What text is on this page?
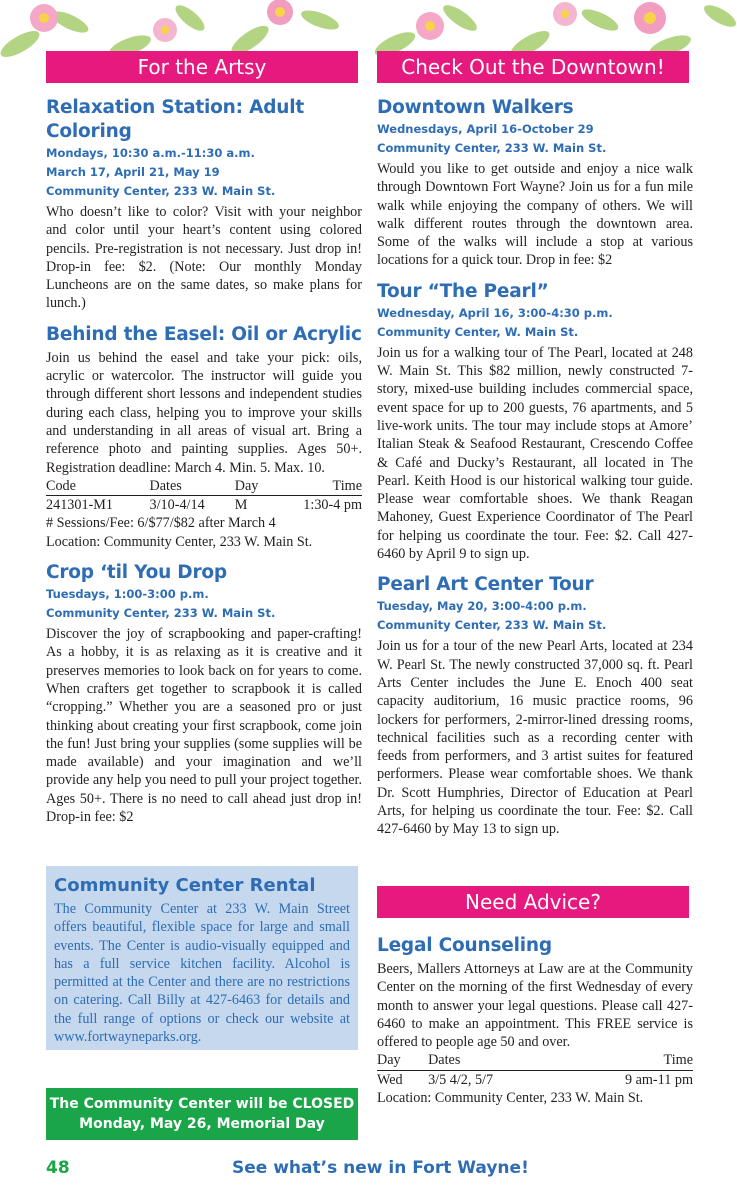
For the Artsy	Check Out the Downtown!
Relaxation Station: Adult Coloring
Mondays, 10:30 a.m.-11:30 a.m.
March 17, April 21, May 19
Community Center, 233 W. Main St.
Who doesn’t like to color? Visit with your neighbor and color until your heart’s content using colored pencils. Pre-registration is not necessary. Just drop in! Drop-in fee: $2. (Note: Our monthly Monday Luncheons are on the same dates, so make plans for lunch.)
Behind the Easel: Oil or Acrylic
Join us behind the easel and take your pick: oils, acrylic or watercolor. The instructor will guide you through different short lessons and independent studies during each class, helping you to improve your skills and understanding in all areas of visual art. Bring a reference photo and painting supplies. Ages 50+. Registration deadline: March 4. Min. 5. Max. 10.
Code	Dates	Day	Time
241301-M1	3/10-4/14	M	1:30-4 pm
# Sessions/Fee: 6/$77/$82 after March 4
Location: Community Center, 233 W. Main St.
Crop ‘til You Drop
Tuesdays, 1:00-3:00 p.m.
Community Center, 233 W. Main St.
Discover the joy of scrapbooking and paper-crafting! As a hobby, it is as relaxing as it is creative and it preserves memories to look back on for years to come. When crafters get together to scrapbook it is called “cropping.” Whether you are a seasoned pro or just thinking about creating your first scrapbook, come join the fun! Just bring your supplies (some supplies will be made available) and your imagination and we’ll provide any help you need to pull your project together. Ages 50+. There is no need to call ahead just drop in! Drop-in fee: $2
Community Center Rental
The Community Center at 233 W. Main Street offers beautiful, flexible space for large and small events. The Center is audio-visually equipped and has a full service kitchen facility. Alcohol is permitted at the Center and there are no restrictions on catering. Call Billy at 427-6463 for details and the full range of options or check our website at www.fortwayneparks.org.
The Community Center will be CLOSED
Monday, May 26, Memorial Day
Downtown Walkers
Wednesdays, April 16-October 29
Community Center, 233 W. Main St.
Would you like to get outside and enjoy a nice walk through Downtown Fort Wayne? Join us for a fun mile walk while enjoying the company of others. We will walk different routes through the downtown area. Some of the walks will include a stop at various locations for a quick tour. Drop in fee: $2
Tour “The Pearl”
Wednesday, April 16, 3:00-4:30 p.m.
Community Center, W. Main St.
Join us for a walking tour of The Pearl, located at 248 W. Main St. This $82 million, newly constructed 7-story, mixed-use building includes commercial space, event space for up to 200 guests, 76 apartments, and 5 live-work units. The tour may include stops at Amore’ Italian Steak & Seafood Restaurant, Crescendo Coffee & Café and Ducky’s Restaurant, all located in The Pearl. Keith Hood is our historical walking tour guide. Please wear comfortable shoes. We thank Reagan Mahoney, Guest Experience Coordinator of The Pearl for helping us coordinate the tour. Fee: $2. Call 427-6460 by April 9 to sign up.
Pearl Art Center Tour
Tuesday, May 20, 3:00-4:00 p.m.
Community Center, 233 W. Main St.
Join us for a tour of the new Pearl Arts, located at 234 W. Pearl St. The newly constructed 37,000 sq. ft. Pearl Arts Center includes the June E. Enoch 400 seat capacity auditorium, 16 music practice rooms, 96 lockers for performers, 2-mirror-lined dressing rooms, technical facilities such as a recording center with feeds from performers, and 3 artist suites for featured performers. Please wear comfortable shoes. We thank Dr. Scott Humphries, Director of Education at Pearl Arts, for helping us coordinate the tour. Fee: $2. Call 427-6460 by May 13 to sign up.
Need Advice?
Legal Counseling
Beers, Mallers Attorneys at Law are at the Community Center on the morning of the first Wednesday of every month to answer your legal questions. Please call 427-6460 to make an appointment. This FREE service is offered to people age 50 and over.
Day	Dates	Time
Wed	3/5 4/2, 5/7	9 am-11 pm
Location: Community Center, 233 W. Main St.
48	See what’s new in Fort Wayne!
